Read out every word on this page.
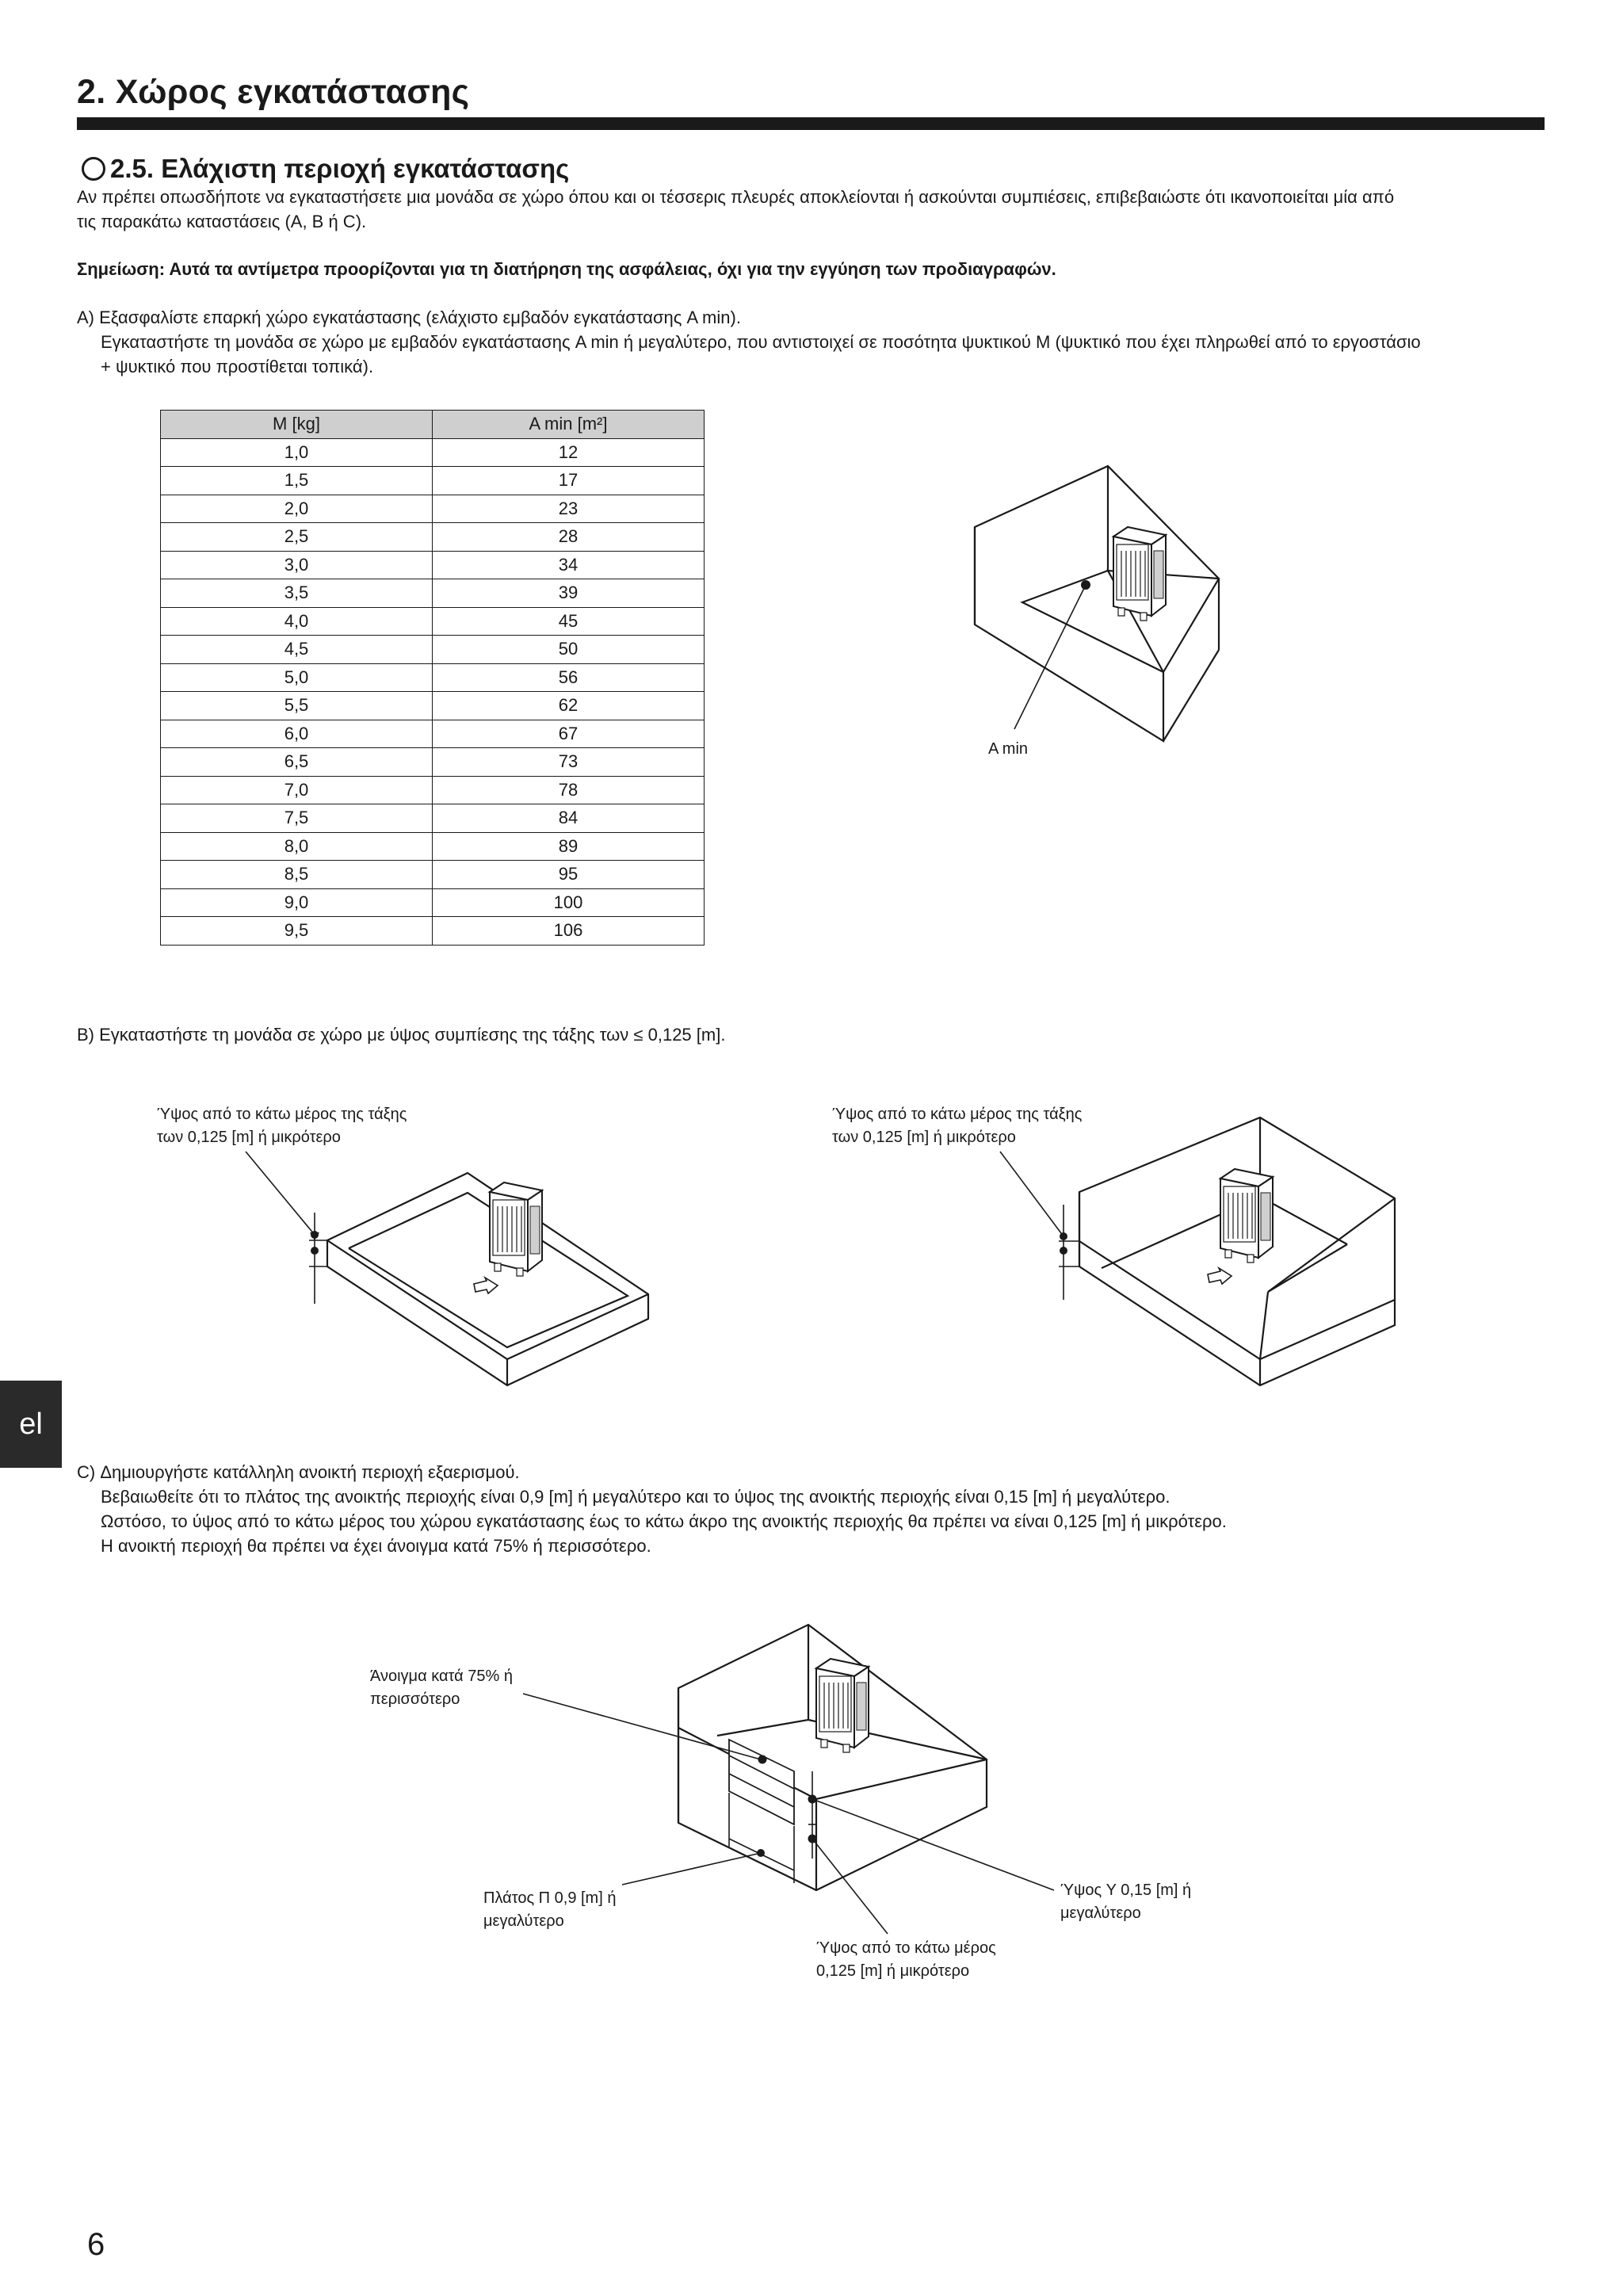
2. Χώρος εγκατάστασης
2.5. Ελάχιστη περιοχή εγκατάστασης
Αν πρέπει οπωσδήποτε να εγκαταστήσετε μια μονάδα σε χώρο όπου και οι τέσσερις πλευρές αποκλείονται ή ασκούνται συμπιέσεις, επιβεβαιώστε ότι ικανοποιείται μία από
τις παρακάτω καταστάσεις (A, B ή C).
Σημείωση: Αυτά τα αντίμετρα προορίζονται για τη διατήρηση της ασφάλειας, όχι για την εγγύηση των προδιαγραφών.
A) Εξασφαλίστε επαρκή χώρο εγκατάστασης (ελάχιστο εμβαδόν εγκατάστασης A min).
Εγκαταστήστε τη μονάδα σε χώρο με εμβαδόν εγκατάστασης A min ή μεγαλύτερο, που αντιστοιχεί σε ποσότητα ψυκτικού M (ψυκτικό που έχει πληρωθεί από το εργοστάσιο
+ ψυκτικό που προστίθεται τοπικά).
M [kg]	A min [m²]
1,0	12
1,5	17
2,0	23
2,5	28
3,0	34
3,5	39
4,0	45
4,5	50
5,0	56
5,5	62
6,0	67
6,5	73
7,0	78
7,5	84
8,0	89
8,5	95
9,0	100
9,5	106
B) Εγκαταστήστε τη μονάδα σε χώρο με ύψος συμπίεσης της τάξης των ≤ 0,125 [m].
C) Δημιουργήστε κατάλληλη ανοικτή περιοχή εξαερισμού.
Βεβαιωθείτε ότι το πλάτος της ανοικτής περιοχής είναι 0,9 [m] ή μεγαλύτερο και το ύψος της ανοικτής περιοχής είναι 0,15 [m] ή μεγαλύτερο.
Ωστόσο, το ύψος από το κάτω μέρος του χώρου εγκατάστασης έως το κάτω άκρο της ανοικτής περιοχής θα πρέπει να είναι 0,125 [m] ή μικρότερο.
Η ανοικτή περιοχή θα πρέπει να έχει άνοιγμα κατά 75% ή περισσότερο.
A min
Ύψος από το κάτω μέρος της τάξης
των 0,125 [m] ή μικρότερο
Ύψος από το κάτω μέρος της τάξης
των 0,125 [m] ή μικρότερο
Άνοιγμα κατά 75% ή
περισσότερο
Πλάτος Π 0,9 [m] ή
μεγαλύτερο
Ύψος Y 0,15 [m] ή
μεγαλύτερο
Ύψος από το κάτω μέρος
0,125 [m] ή μικρότερο
el
6
